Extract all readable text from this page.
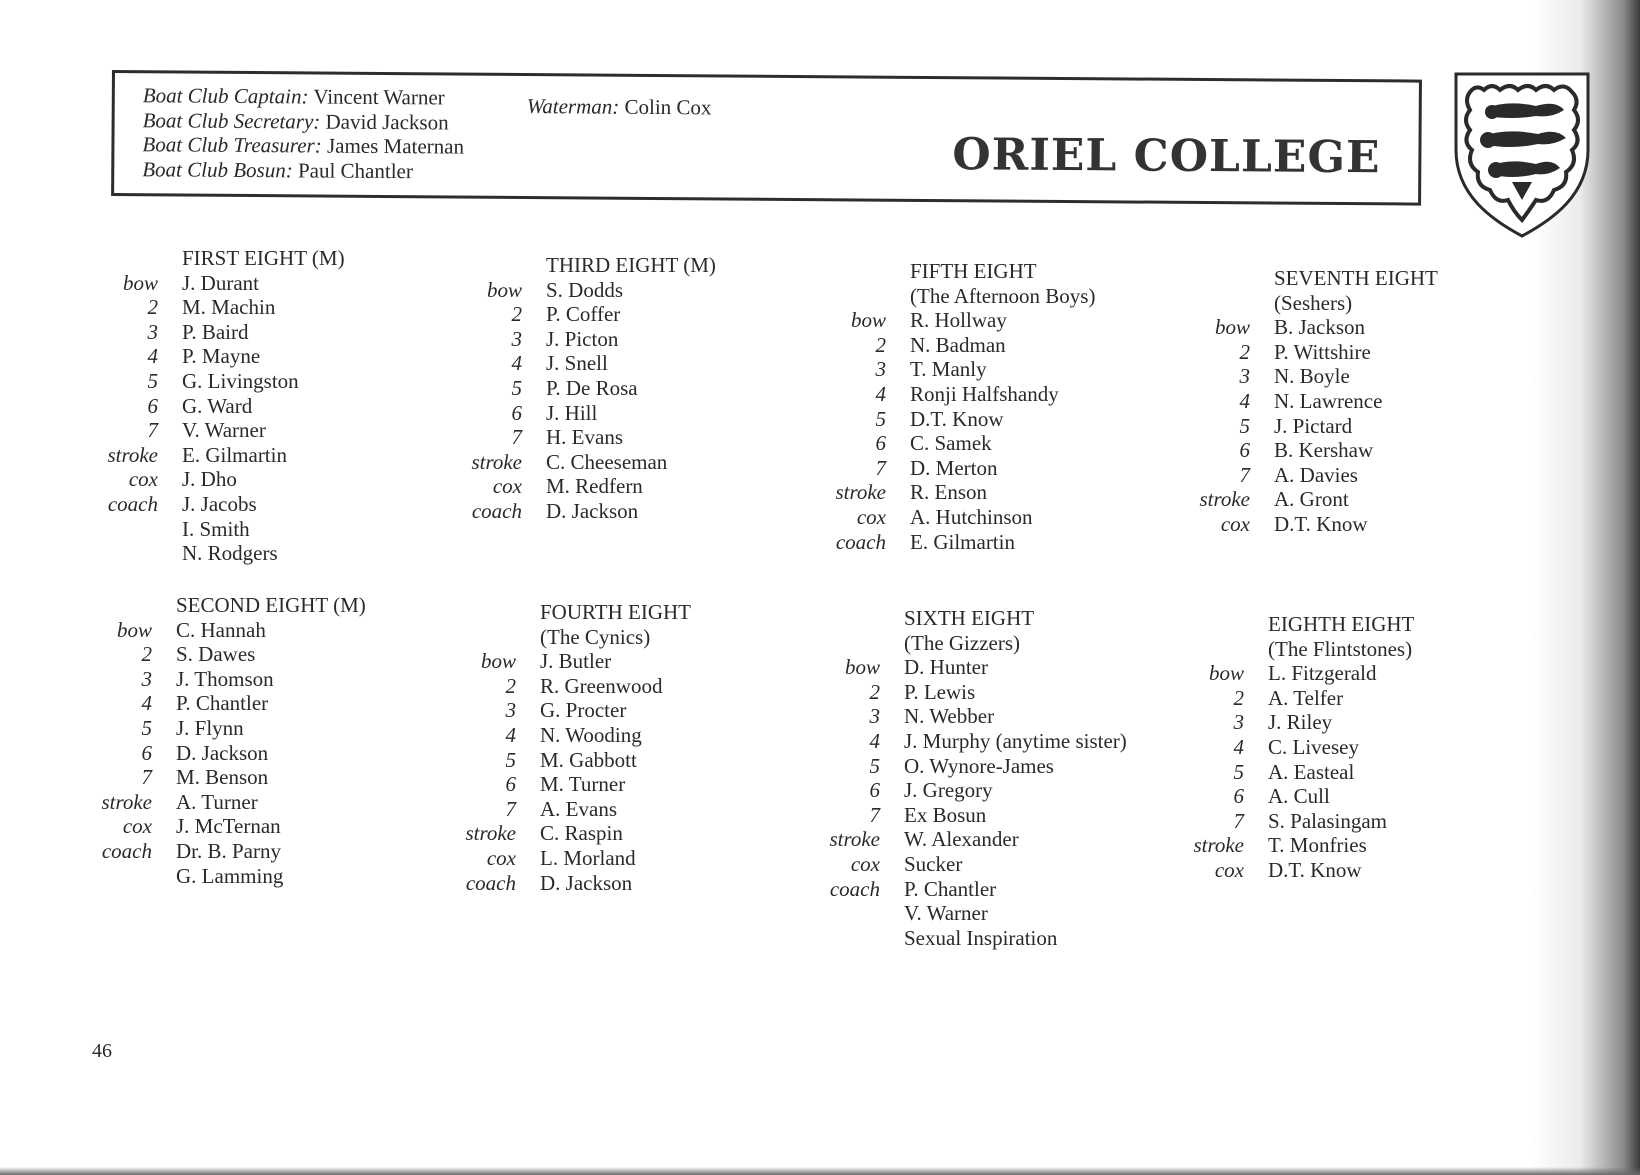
Boat Club Captain: Vincent Warner
Boat Club Secretary: David Jackson
Boat Club Treasurer: James Maternan
Boat Club Bosun: Paul Chantler
Waterman: Colin Cox
ORIEL COLLEGE
FIRST EIGHT (M)
bow	J. Durant
2	M. Machin
3	P. Baird
4	P. Mayne
5	G. Livingston
6	G. Ward
7	V. Warner
stroke	E. Gilmartin
cox	J. Dho
coach	J. Jacobs
I. Smith
N. Rodgers
SECOND EIGHT (M)
bow	C. Hannah
2	S. Dawes
3	J. Thomson
4	P. Chantler
5	J. Flynn
6	D. Jackson
7	M. Benson
stroke	A. Turner
cox	J. McTernan
coach	Dr. B. Parny
G. Lamming
THIRD EIGHT (M)
bow	S. Dodds
2	P. Coffer
3	J. Picton
4	J. Snell
5	P. De Rosa
6	J. Hill
7	H. Evans
stroke	C. Cheeseman
cox	M. Redfern
coach	D. Jackson
FOURTH EIGHT
(The Cynics)
bow	J. Butler
2	R. Greenwood
3	G. Procter
4	N. Wooding
5	M. Gabbott
6	M. Turner
7	A. Evans
stroke	C. Raspin
cox	L. Morland
coach	D. Jackson
FIFTH EIGHT
(The Afternoon Boys)
bow	R. Hollway
2	N. Badman
3	T. Manly
4	Ronji Halfshandy
5	D.T. Know
6	C. Samek
7	D. Merton
stroke	R. Enson
cox	A. Hutchinson
coach	E. Gilmartin
SIXTH EIGHT
(The Gizzers)
bow	D. Hunter
2	P. Lewis
3	N. Webber
4	J. Murphy (anytime sister)
5	O. Wynore-James
6	J. Gregory
7	Ex Bosun
stroke	W. Alexander
cox	Sucker
coach	P. Chantler
V. Warner
Sexual Inspiration
SEVENTH EIGHT
(Seshers)
bow	B. Jackson
2	P. Wittshire
3	N. Boyle
4	N. Lawrence
5	J. Pictard
6	B. Kershaw
7	A. Davies
stroke	A. Gront
cox	D.T. Know
EIGHTH EIGHT
(The Flintstones)
bow	L. Fitzgerald
2	A. Telfer
3	J. Riley
4	C. Livesey
5	A. Easteal
6	A. Cull
7	S. Palasingam
stroke	T. Monfries
cox	D.T. Know
46
